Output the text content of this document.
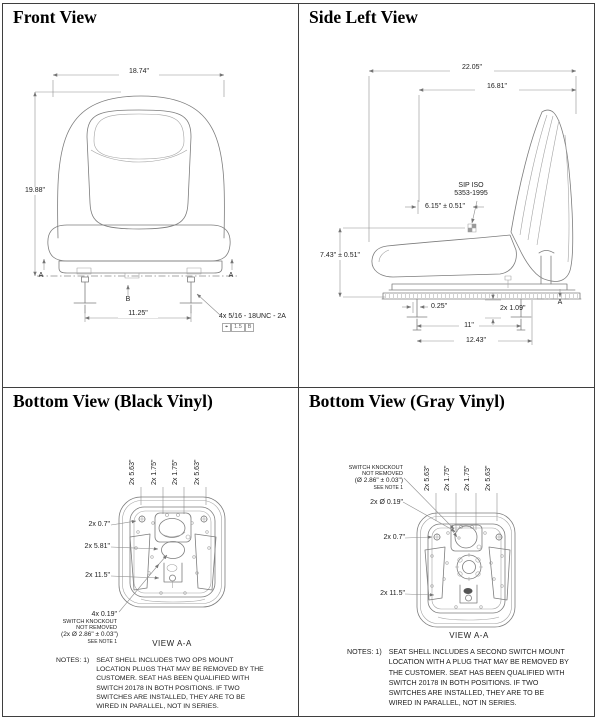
Front View
18.74"
19.88"
A	A
B
11.25"	4x 5/16 - 18UNC - 2A
⌖	1.5	B
Side Left View
22.05"
16.81"
SIP ISO
5353-1995
6.15" ± 0.51"
7.43" ± 0.51"
0.25"
11"
12.43"
2x 1.09"
A
Bottom View (Black Vinyl)
2x 5.63" 2x 1.75" 2x 1.75" 2x 5.63"
2x 0.7"
2x 5.81"
2x 11.5"
4x 0.19"
SWITCH KNOCKOUT
NOT REMOVED
(2x Ø 2.86" ± 0.03")
SEE NOTE 1	VIEW A-A
NOTES: 1) SEAT SHELL INCLUDES TWO OPS MOUNT LOCATION PLUGS THAT MAY BE REMOVED BY THE CUSTOMER. SEAT HAS BEEN QUALIFIED WITH SWITCH 20178 IN BOTH POSITIONS. IF TWO SWITCHES ARE INSTALLED, THEY ARE TO BE WIRED IN PARALLEL, NOT IN SERIES.
Bottom View (Gray Vinyl)
SWITCH KNOCKOUT
NOT REMOVED
(Ø 2.86" ± 0.03")
SEE NOTE 1
2x Ø 0.19"
2x 5.63" 2x 1.75" 2x 1.75" 2x 5.63"
2x 0.7"
2x 11.5"
VIEW A-A
NOTES: 1) SEAT SHELL INCLUDES A SECOND SWITCH MOUNT LOCATION WITH A PLUG THAT MAY BE REMOVED BY THE CUSTOMER. SEAT HAS BEEN QUALIFIED WITH SWITCH 20178 IN BOTH POSITIONS. IF TWO SWITCHES ARE INSTALLED, THEY ARE TO BE WIRED IN PARALLEL, NOT IN SERIES.
